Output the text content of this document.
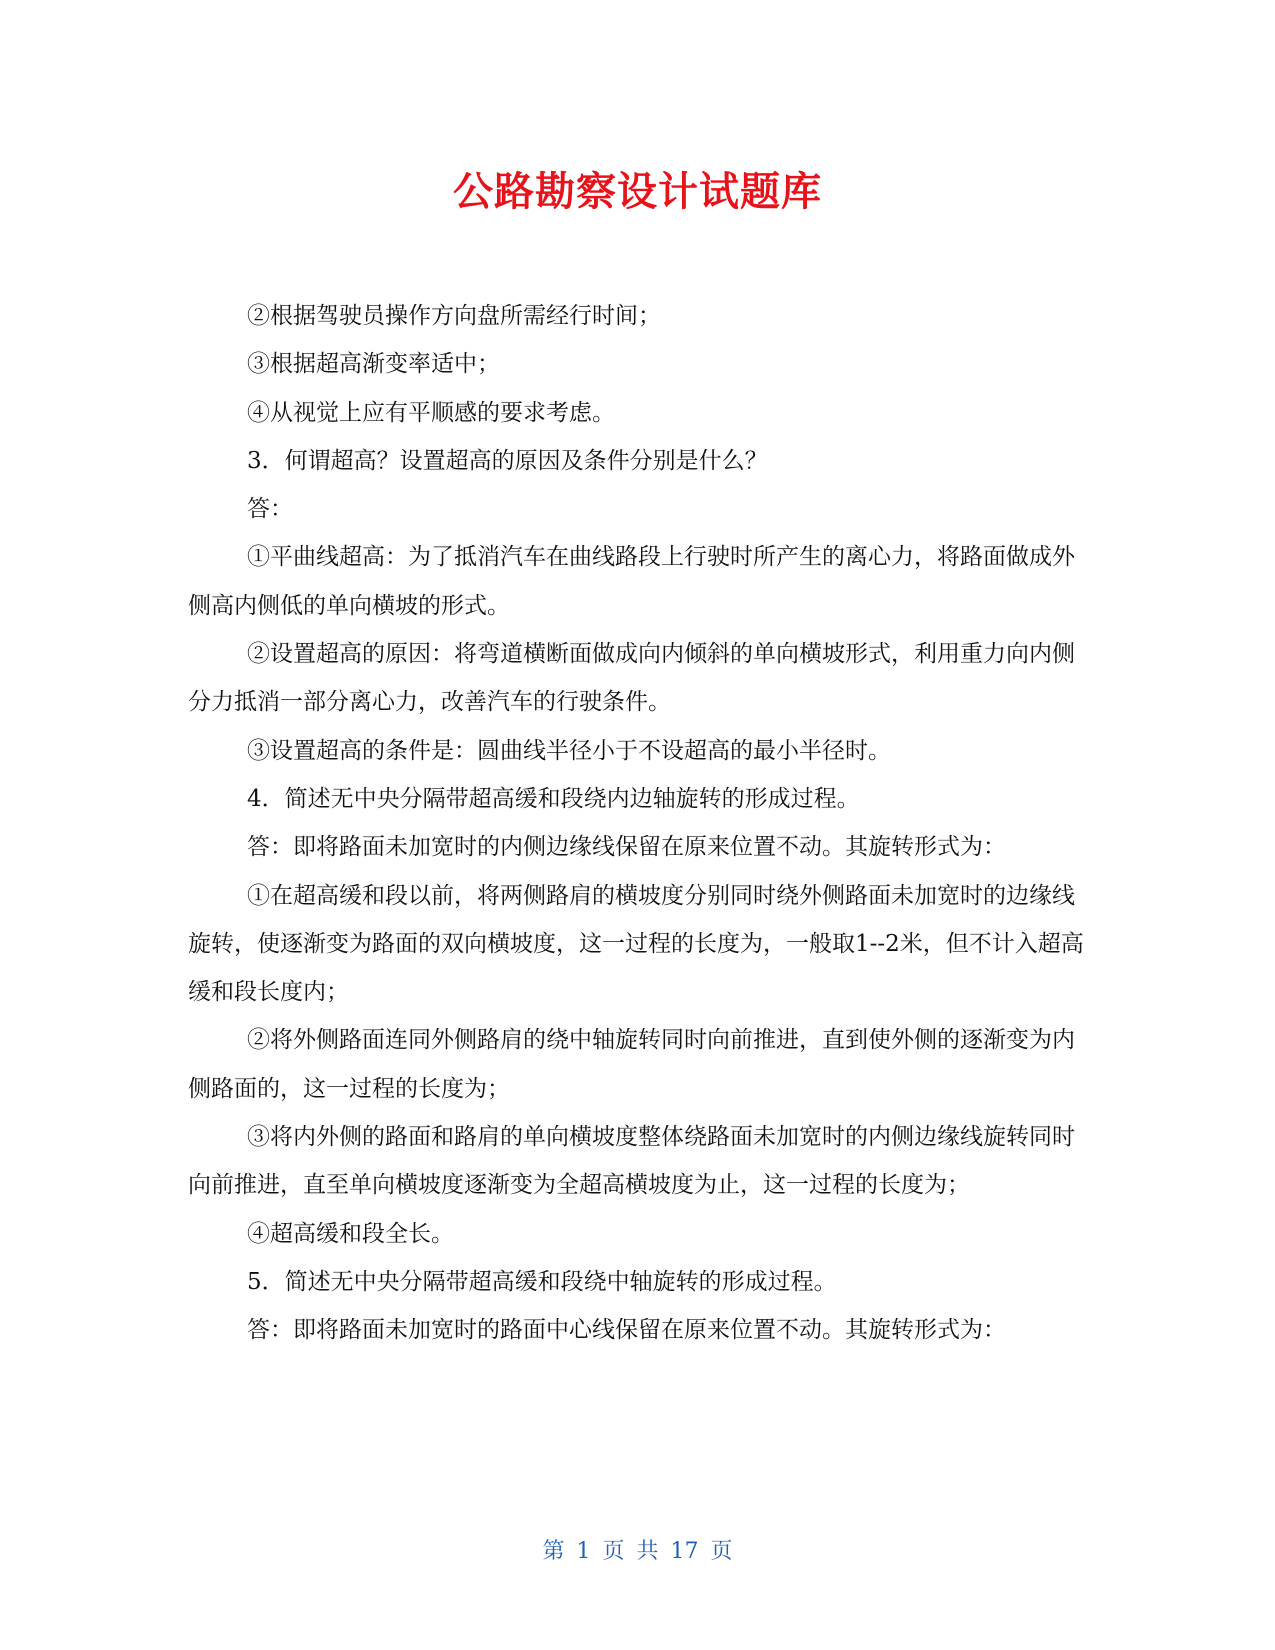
公路勘察设计试题库

②根据驾驶员操作方向盘所需经行时间；

③根据超高渐变率适中；

④从视觉上应有平顺感的要求考虑。

3．何谓超高？设置超高的原因及条件分别是什么？

答：

①平曲线超高：为了抵消汽车在曲线路段上行驶时所产生的离心力，将路面做成外侧高内侧低的单向横坡的形式。

②设置超高的原因：将弯道横断面做成向内倾斜的单向横坡形式，利用重力向内侧分力抵消一部分离心力，改善汽车的行驶条件。

③设置超高的条件是：圆曲线半径小于不设超高的最小半径时。

4．简述无中央分隔带超高缓和段绕内边轴旋转的形成过程。

答：即将路面未加宽时的内侧边缘线保留在原来位置不动。其旋转形式为：

①在超高缓和段以前，将两侧路肩的横坡度分别同时绕外侧路面未加宽时的边缘线旋转，使逐渐变为路面的双向横坡度，这一过程的长度为，一般取1--2米，但不计入超高缓和段长度内；

②将外侧路面连同外侧路肩的绕中轴旋转同时向前推进，直到使外侧的逐渐变为内侧路面的，这一过程的长度为；

③将内外侧的路面和路肩的单向横坡度整体绕路面未加宽时的内侧边缘线旋转同时向前推进，直至单向横坡度逐渐变为全超高横坡度为止，这一过程的长度为；

④超高缓和段全长。

5．简述无中央分隔带超高缓和段绕中轴旋转的形成过程。

答：即将路面未加宽时的路面中心线保留在原来位置不动。其旋转形式为：

第 1 页 共 17 页
